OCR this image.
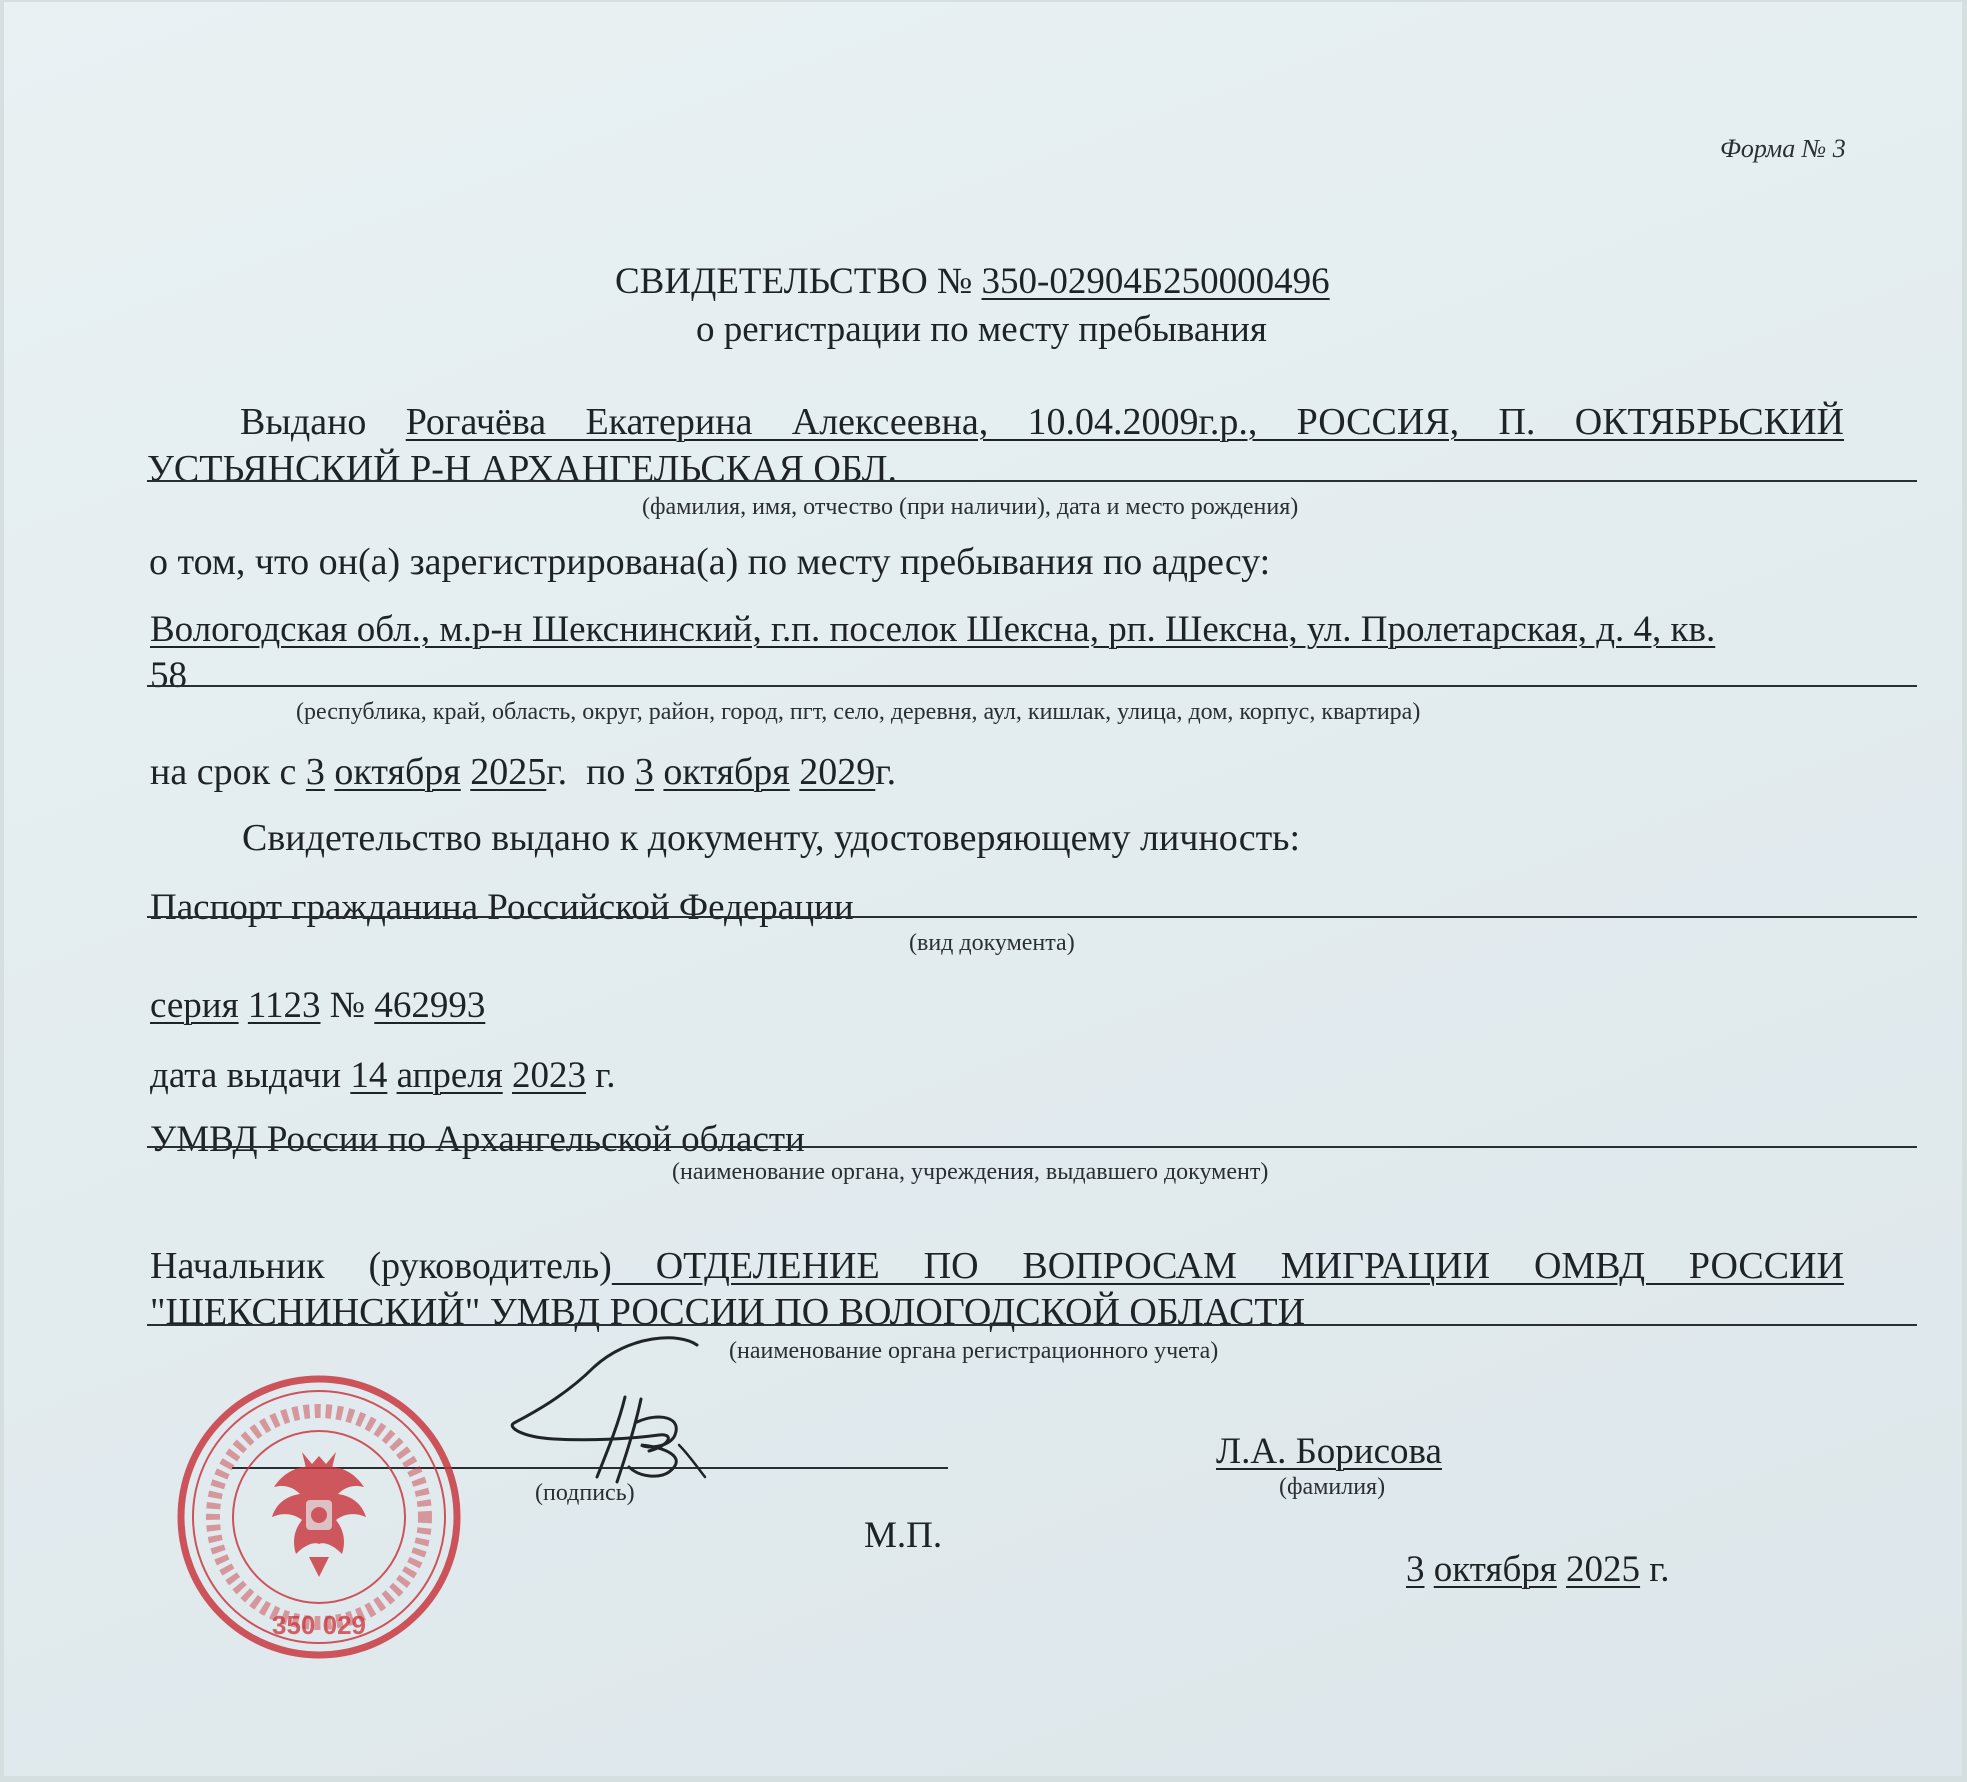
Форма № 3
СВИДЕТЕЛЬСТВО № 350-02904Б250000496
о регистрации по месту пребывания
Выдано Рогачёва Екатерина Алексеевна, 10.04.2009г.р., РОССИЯ, П. ОКТЯБРЬСКИЙ
УСТЬЯНСКИЙ Р-Н АРХАНГЕЛЬСКАЯ ОБЛ.
(фамилия, имя, отчество (при наличии), дата и место рождения)
о том, что он(а) зарегистрирована(а) по месту пребывания по адресу:
Вологодская обл., м.р-н Шекснинский, г.п. поселок Шексна, рп. Шексна, ул. Пролетарская, д. 4, кв.
58
(республика, край, область, округ, район, город, пгт, село, деревня, аул, кишлак, улица, дом, корпус, квартира)
на срок с 3 октября 2025г.  по 3 октября 2029г.
Свидетельство выдано к документу, удостоверяющему личность:
Паспорт гражданина Российской Федерации
(вид документа)
серия 1123 № 462993
дата выдачи 14 апреля 2023 г.
УМВД России по Архангельской области
(наименование органа, учреждения, выдавшего документ)
Начальник (руководитель) ОТДЕЛЕНИЕ ПО ВОПРОСАМ МИГРАЦИИ ОМВД РОССИИ
"ШЕКСНИНСКИЙ" УМВД РОССИИ ПО ВОЛОГОДСКОЙ ОБЛАСТИ
(наименование органа регистрационного учета)
(подпись)
Л.А. Борисова
(фамилия)
М.П.
3 октября 2025 г.
350 029
